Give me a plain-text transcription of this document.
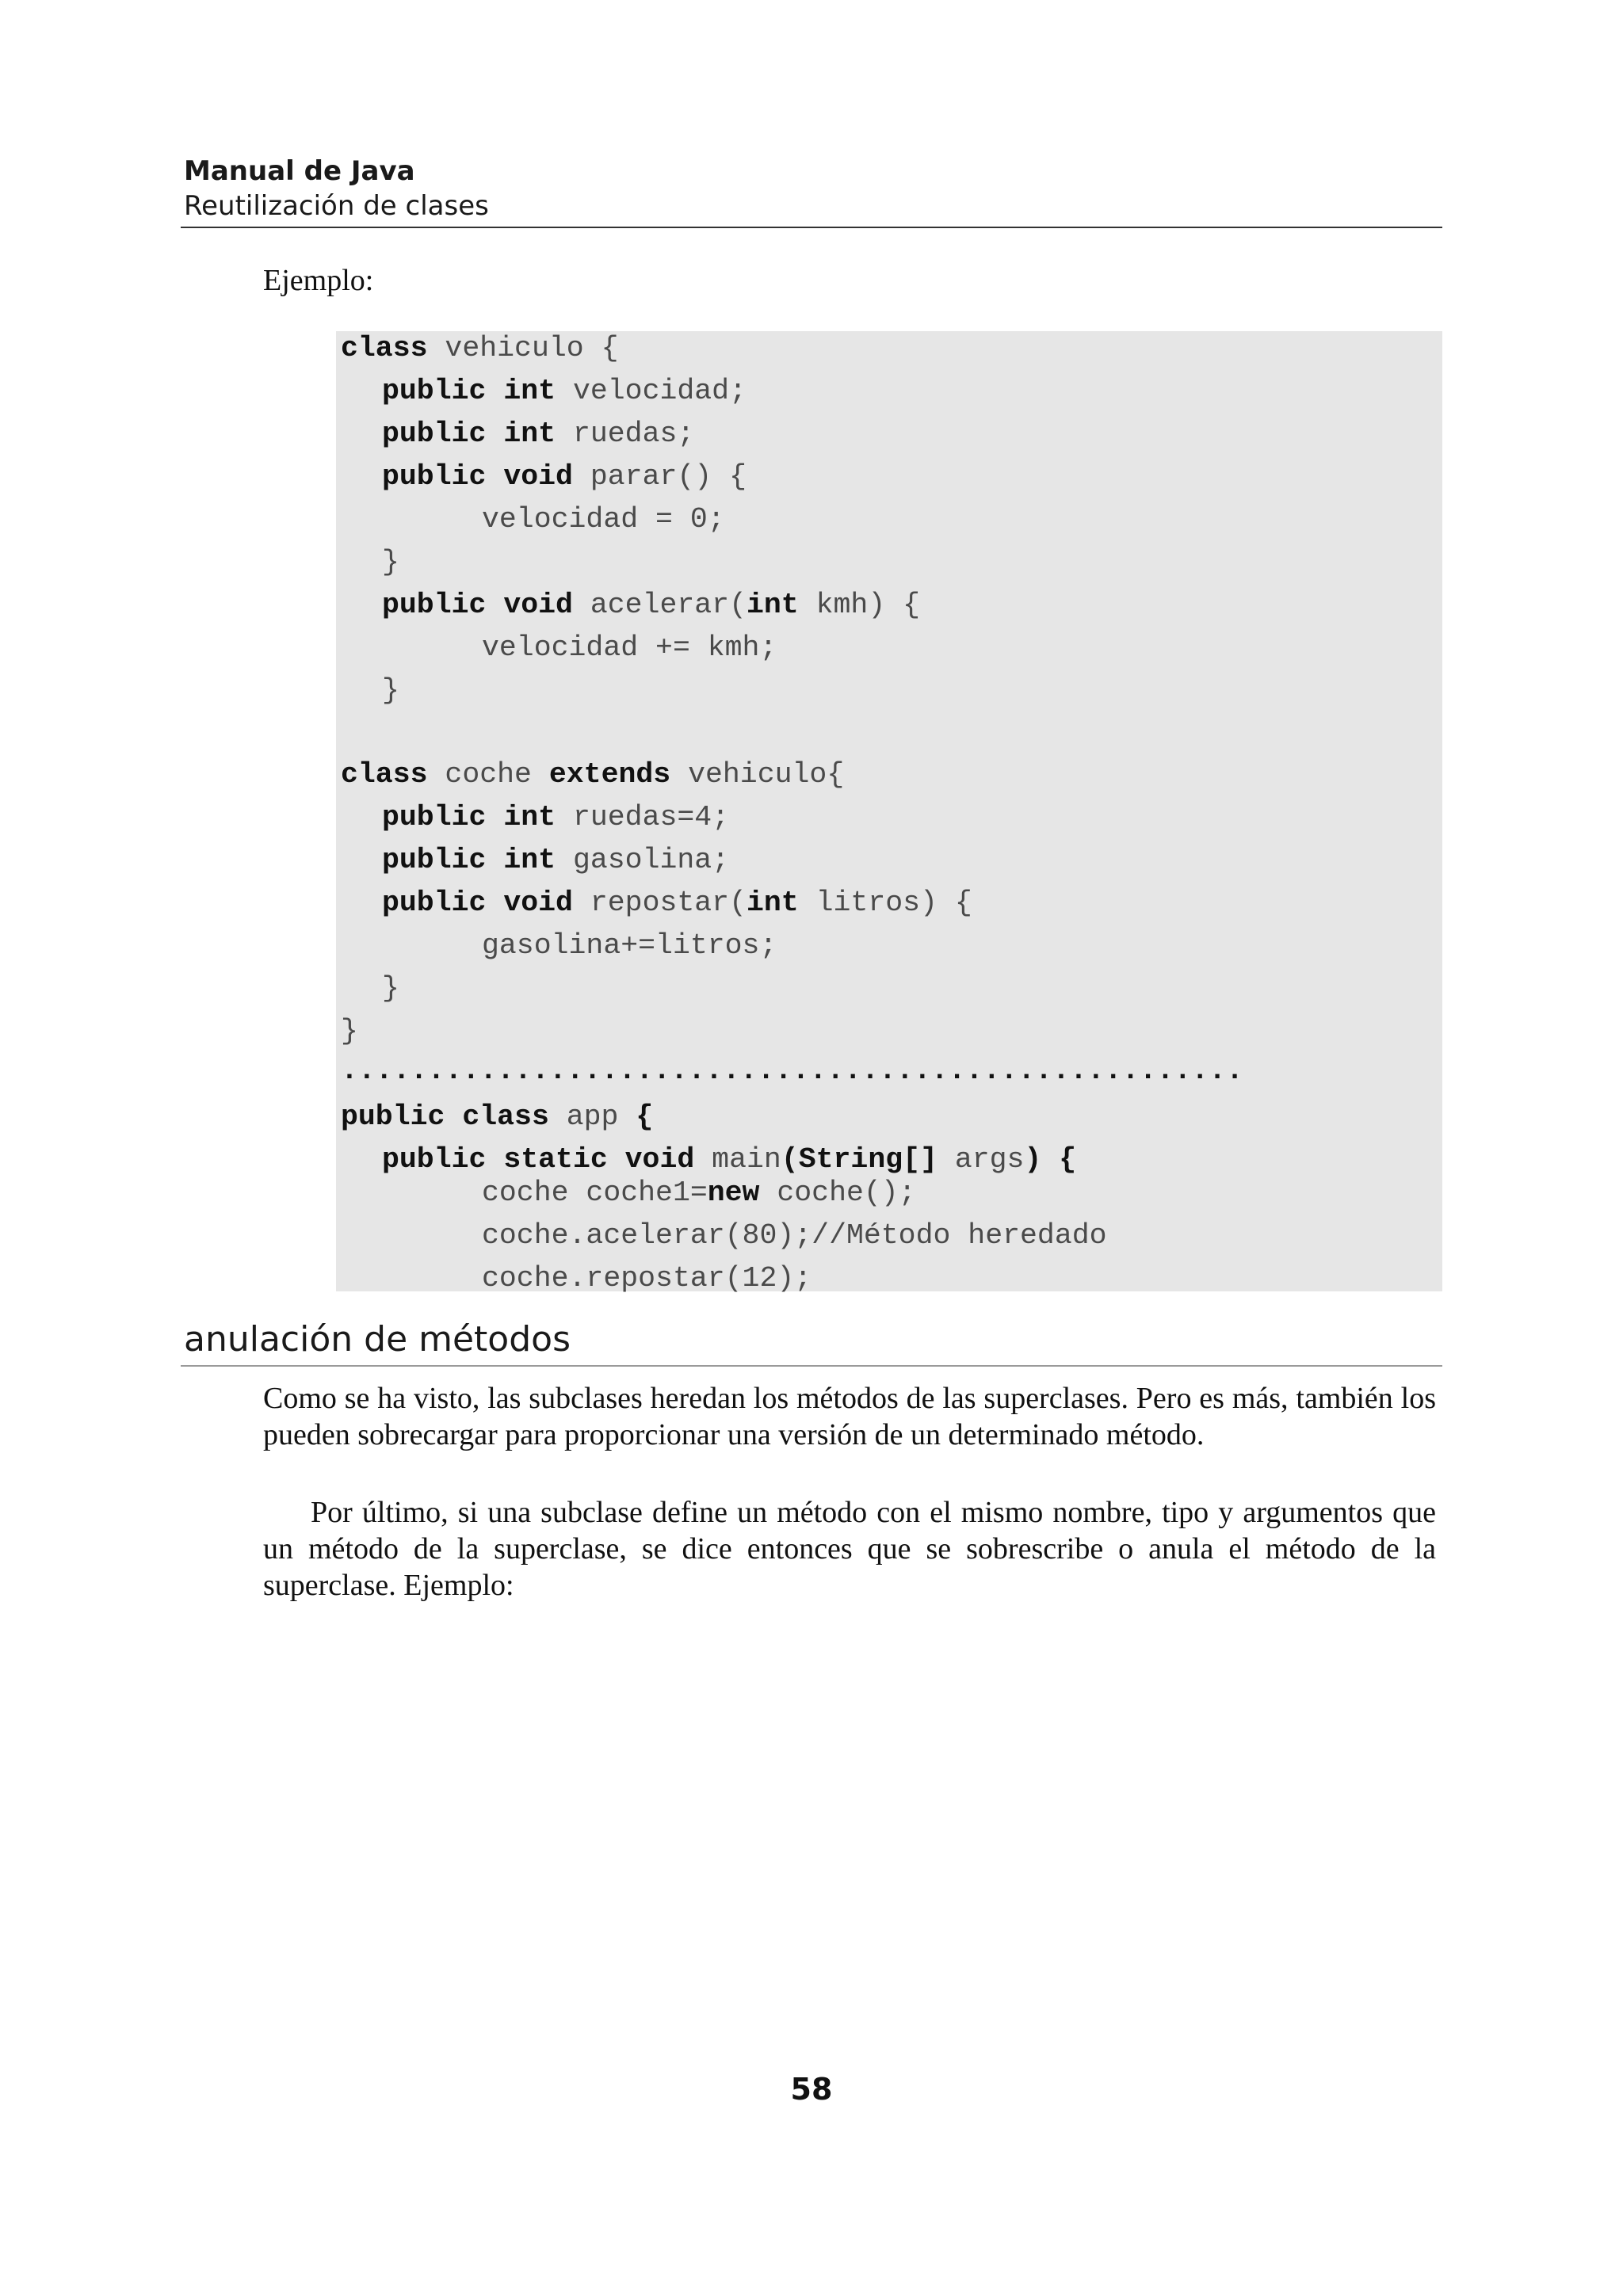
Manual de Java
Reutilización de clases
Ejemplo:
class vehiculo {
public int velocidad;
public int ruedas;
public void parar() {
velocidad = 0;
}
public void acelerar(int kmh) {
velocidad += kmh;
}
class coche extends vehiculo{
public int ruedas=4;
public int gasolina;
public void repostar(int litros) {
gasolina+=litros;
}
}
....................................................
public class app {
public static void main(String[] args) {
coche coche1=new coche();
coche.acelerar(80);//Método heredado
coche.repostar(12);
anulación de métodos
Como se ha visto, las subclases heredan los métodos de las superclases. Pero es más, también los pueden sobrecargar para proporcionar una versión de un determinado método.
Por último, si una subclase define un método con el mismo nombre, tipo y argumentos que un método de la superclase, se dice entonces que se sobrescribe o anula el método de la superclase. Ejemplo:
58
